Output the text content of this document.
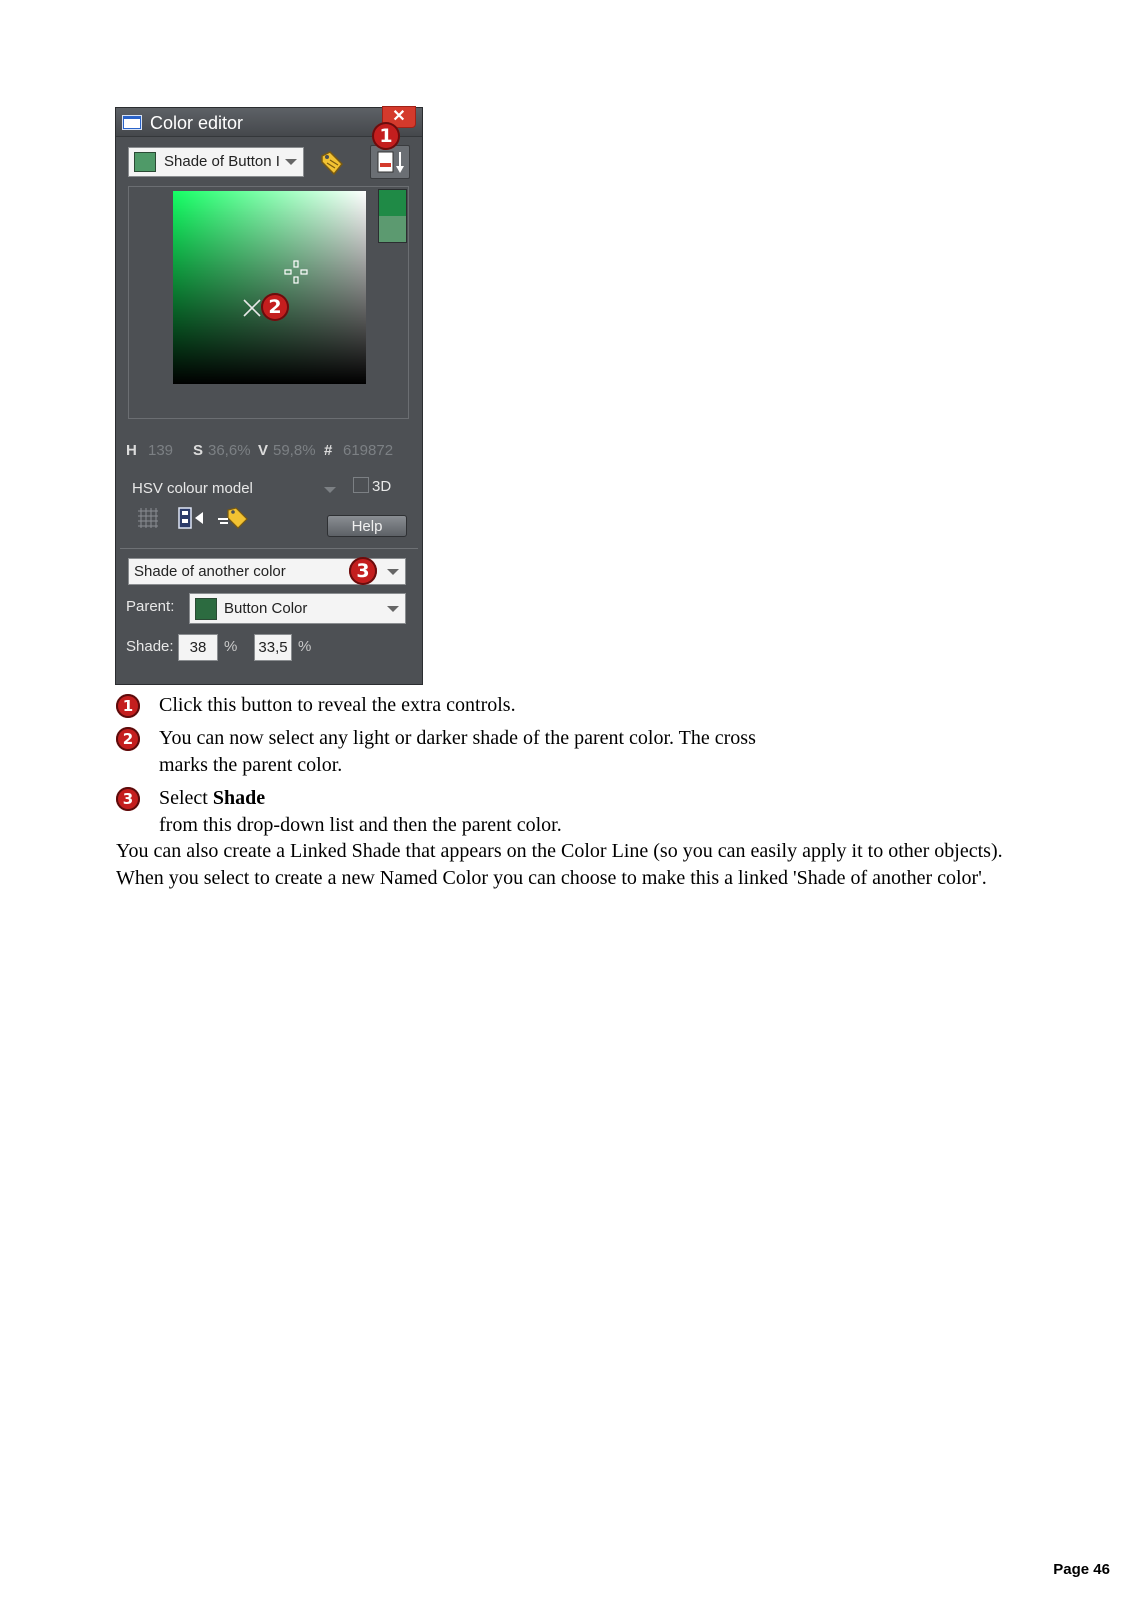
Color editor	✕
Shade of Button I
1
2
H 139 S 36,6% V 59,8% # 619872
HSV colour model	3D
Help
Shade of another color	3
Parent:	Button Color
Shade:	38	% 33,5 %
1	Click this button to reveal the extra controls.
2	You can now select any light or darker shade of the parent color. The cross marks the parent color.
3	Select Shade
from this drop-down list and then the parent color.

You can also create a Linked Shade that appears on the Color Line (so you can easily apply it to other objects). When you select to create a new Named Color you can choose to make this a linked 'Shade of another color'.

Page 46
